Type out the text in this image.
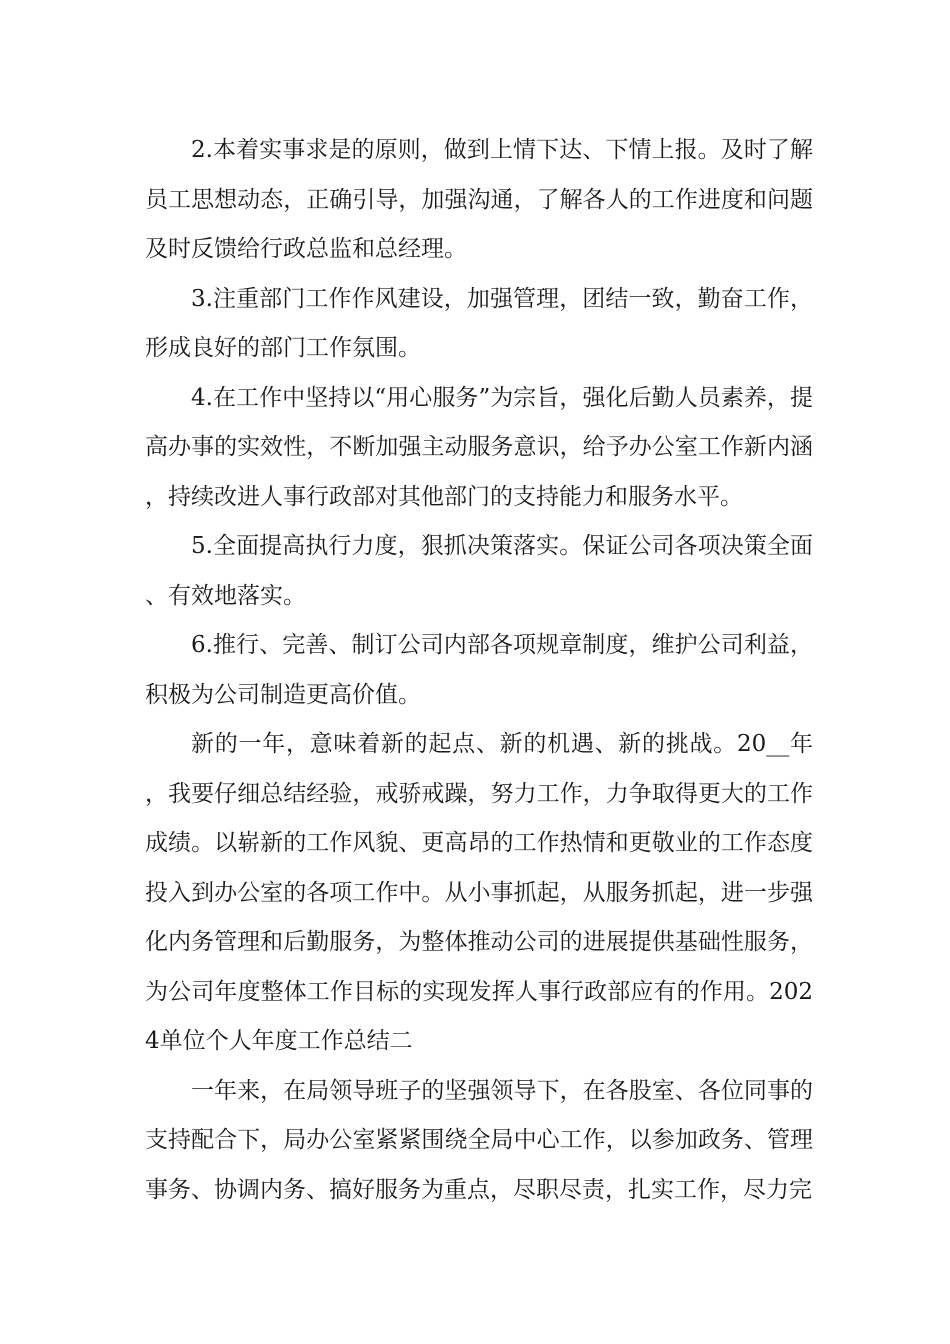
2.本着实事求是的原则，做到上情下达、下情上报。及时了解员工思想动态，正确引导，加强沟通，了解各人的工作进度和问题及时反馈给行政总监和总经理。

3.注重部门工作作风建设，加强管理，团结一致，勤奋工作，形成良好的部门工作氛围。

4.在工作中坚持以“用心服务”为宗旨，强化后勤人员素养，提高办事的实效性，不断加强主动服务意识，给予办公室工作新内涵，持续改进人事行政部对其他部门的支持能力和服务水平。

5.全面提高执行力度，狠抓决策落实。保证公司各项决策全面、有效地落实。

6.推行、完善、制订公司内部各项规章制度，维护公司利益，积极为公司制造更高价值。

新的一年，意味着新的起点、新的机遇、新的挑战。20__年，我要仔细总结经验，戒骄戒躁，努力工作，力争取得更大的工作成绩。以崭新的工作风貌、更高昂的工作热情和更敬业的工作态度投入到办公室的各项工作中。从小事抓起，从服务抓起，进一步强化内务管理和后勤服务，为整体推动公司的进展提供基础性服务，为公司年度整体工作目标的实现发挥人事行政部应有的作用。2024单位个人年度工作总结二

一年来，在局领导班子的坚强领导下，在各股室、各位同事的支持配合下，局办公室紧紧围绕全局中心工作，以参加政务、管理事务、协调内务、搞好服务为重点，尽职尽责，扎实工作，尽力完
